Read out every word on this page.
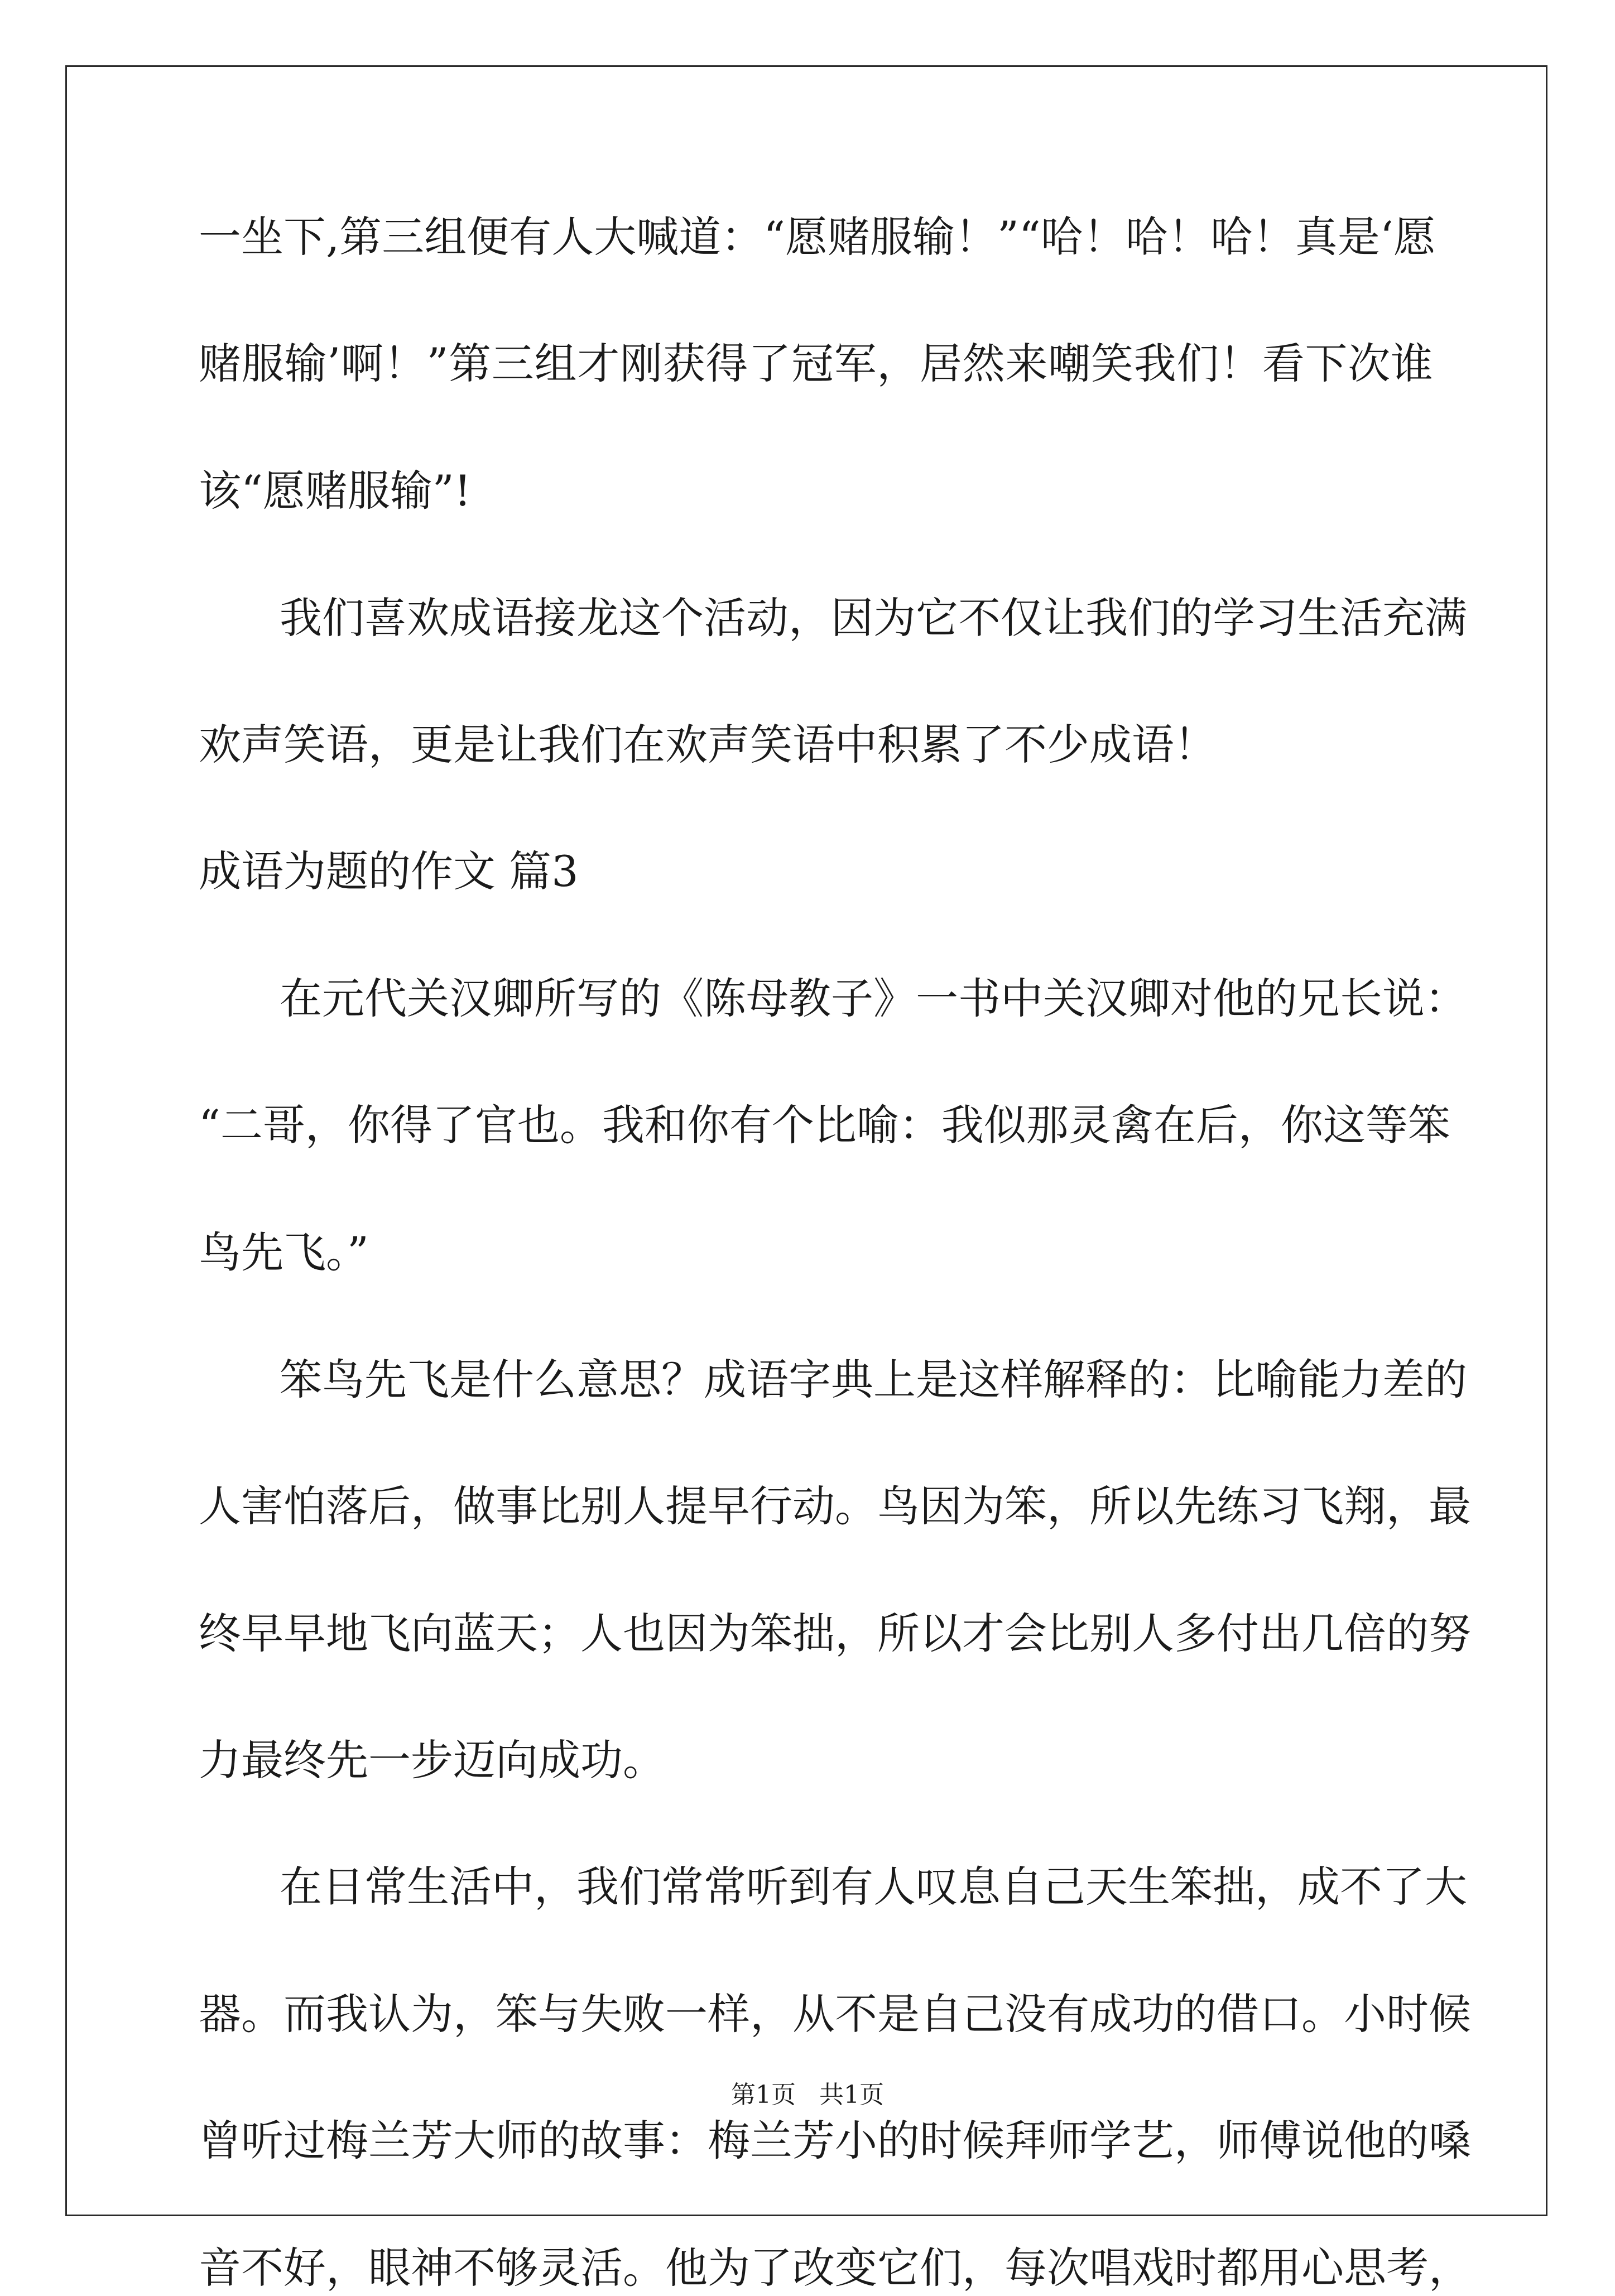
一坐下,第三组便有人大喊道：“愿赌服输！”“哈！哈！哈！真是‘愿
赌服输’啊！”第三组才刚获得了冠军，居然来嘲笑我们！看下次谁
该“愿赌服输”!
我们喜欢成语接龙这个活动，因为它不仅让我们的学习生活充满
欢声笑语，更是让我们在欢声笑语中积累了不少成语！
成语为题的作文 篇3
在元代关汉卿所写的《陈母教子》一书中关汉卿对他的兄长说：
“二哥，你得了官也。我和你有个比喻：我似那灵禽在后，你这等笨
鸟先飞。”
笨鸟先飞是什么意思？成语字典上是这样解释的：比喻能力差的
人害怕落后，做事比别人提早行动。鸟因为笨，所以先练习飞翔，最
终早早地飞向蓝天；人也因为笨拙，所以才会比别人多付出几倍的努
力最终先一步迈向成功。
在日常生活中，我们常常听到有人叹息自己天生笨拙，成不了大
器。而我认为，笨与失败一样，从不是自己没有成功的借口。小时候
曾听过梅兰芳大师的故事：梅兰芳小的时候拜师学艺，师傅说他的嗓
音不好，眼神不够灵活。他为了改变它们，每次唱戏时都用心思考，
第1页   共1页
